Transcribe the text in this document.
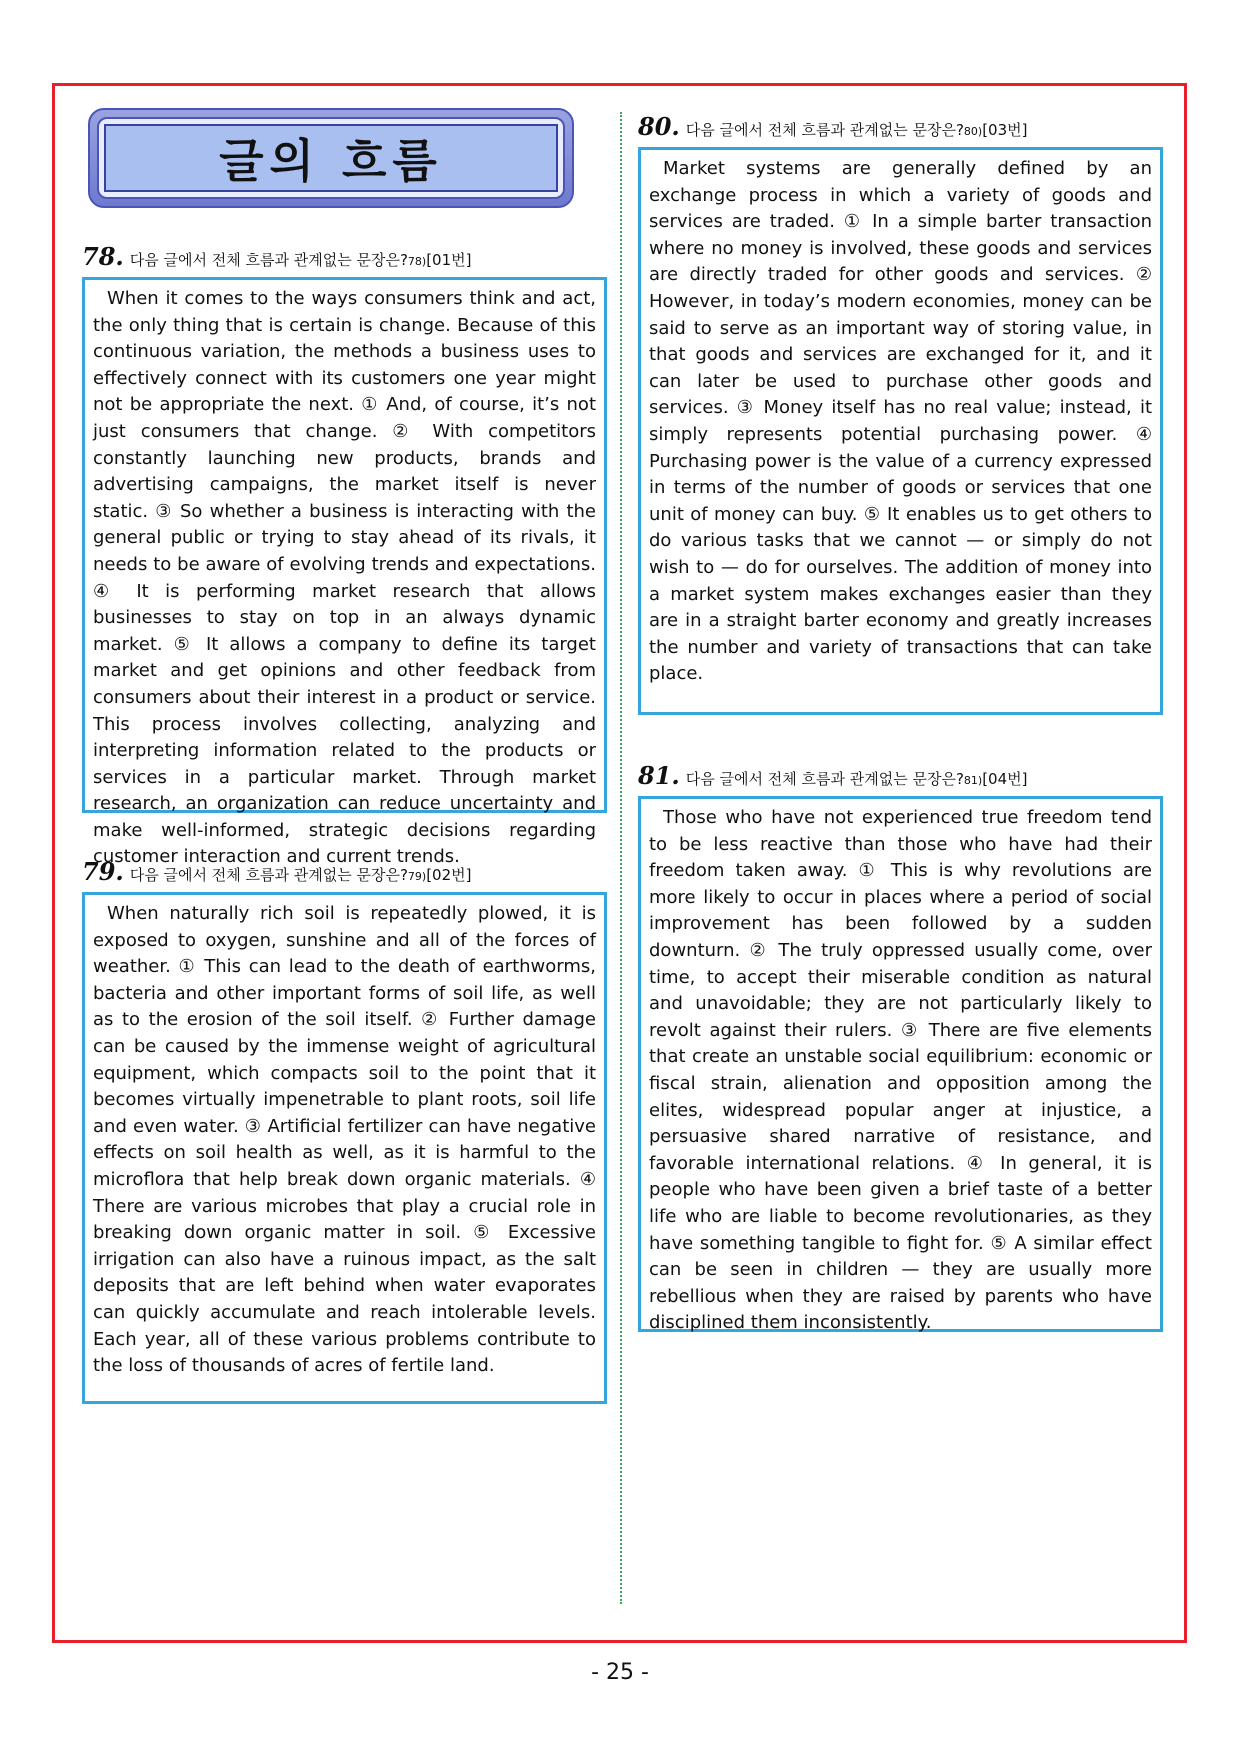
글의 흐름
78. 다음 글에서 전체 흐름과 관계없는 문장은? 78) [01번]
When it comes to the ways consumers think and act, the only thing that is certain is change. Because of this continuous variation, the methods a business uses to effectively connect with its customers one year might not be appropriate the next. ① And, of course, it’s not just consumers that change. ② With competitors constantly launching new products, brands and advertising campaigns, the market itself is never static. ③ So whether a business is interacting with the general public or trying to stay ahead of its rivals, it needs to be aware of evolving trends and expectations. ④ It is performing market research that allows businesses to stay on top in an always dynamic market. ⑤ It allows a company to define its target market and get opinions and other feedback from consumers about their interest in a product or service. This process involves collecting, analyzing and interpreting information related to the products or services in a particular market. Through market research, an organization can reduce uncertainty and make well-informed, strategic decisions regarding customer interaction and current trends.
79. 다음 글에서 전체 흐름과 관계없는 문장은? 79) [02번]
When naturally rich soil is repeatedly plowed, it is exposed to oxygen, sunshine and all of the forces of weather. ① This can lead to the death of earthworms, bacteria and other important forms of soil life, as well as to the erosion of the soil itself. ② Further damage can be caused by the immense weight of agricultural equipment, which compacts soil to the point that it becomes virtually impenetrable to plant roots, soil life and even water. ③ Artificial fertilizer can have negative effects on soil health as well, as it is harmful to the microflora that help break down organic materials. ④ There are various microbes that play a crucial role in breaking down organic matter in soil. ⑤ Excessive irrigation can also have a ruinous impact, as the salt deposits that are left behind when water evaporates can quickly accumulate and reach intolerable levels. Each year, all of these various problems contribute to the loss of thousands of acres of fertile land.
80. 다음 글에서 전체 흐름과 관계없는 문장은? 80) [03번]
Market systems are generally defined by an exchange process in which a variety of goods and services are traded. ① In a simple barter transaction where no money is involved, these goods and services are directly traded for other goods and services. ② However, in today’s modern economies, money can be said to serve as an important way of storing value, in that goods and services are exchanged for it, and it can later be used to purchase other goods and services. ③ Money itself has no real value; instead, it simply represents potential purchasing power. ④ Purchasing power is the value of a currency expressed in terms of the number of goods or services that one unit of money can buy. ⑤ It enables us to get others to do various tasks that we cannot — or simply do not wish to — do for ourselves. The addition of money into a market system makes exchanges easier than they are in a straight barter economy and greatly increases the number and variety of transactions that can take place.
81. 다음 글에서 전체 흐름과 관계없는 문장은? 81) [04번]
Those who have not experienced true freedom tend to be less reactive than those who have had their freedom taken away. ① This is why revolutions are more likely to occur in places where a period of social improvement has been followed by a sudden downturn. ② The truly oppressed usually come, over time, to accept their miserable condition as natural and unavoidable; they are not particularly likely to revolt against their rulers. ③ There are five elements that create an unstable social equilibrium: economic or fiscal strain, alienation and opposition among the elites, widespread popular anger at injustice, a persuasive shared narrative of resistance, and favorable international relations. ④ In general, it is people who have been given a brief taste of a better life who are liable to become revolutionaries, as they have something tangible to fight for. ⑤ A similar effect can be seen in children — they are usually more rebellious when they are raised by parents who have disciplined them inconsistently.
- 25 -
